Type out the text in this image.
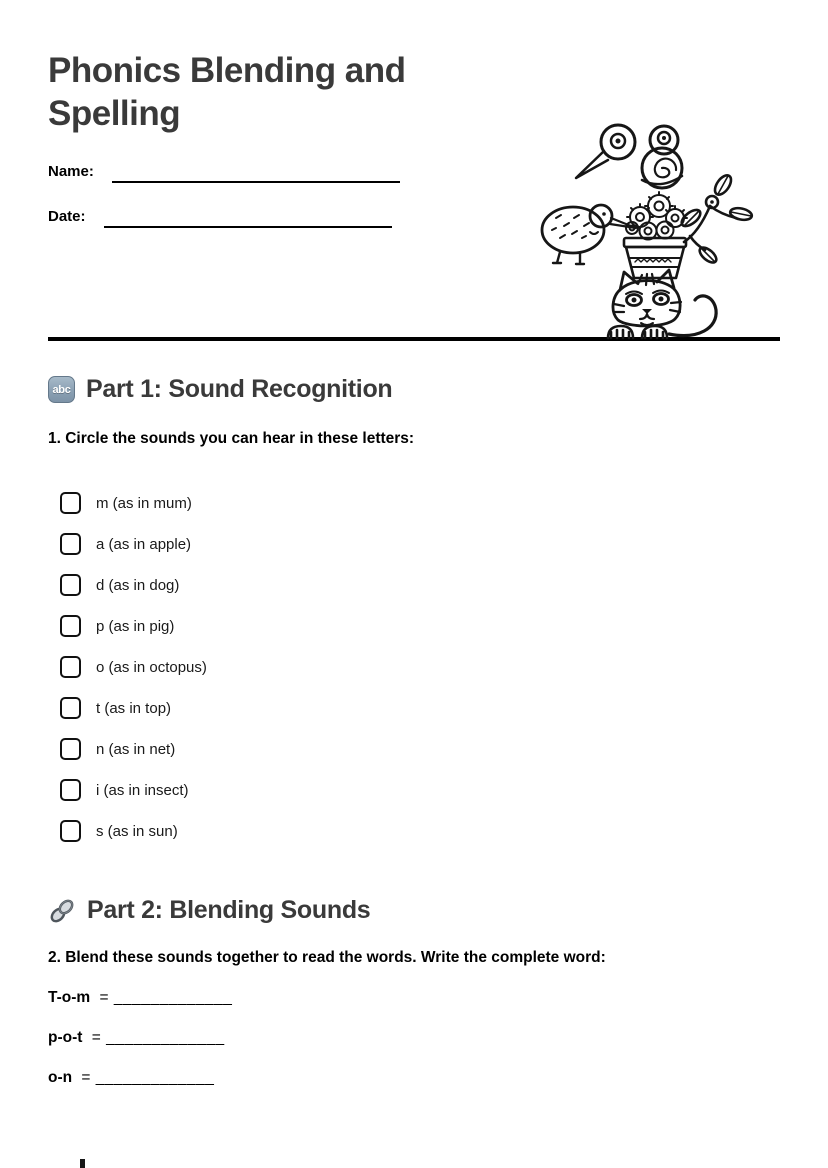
Phonics Blending and Spelling
Name:
Date:
abc Part 1: Sound Recognition

1. Circle the sounds you can hear in these letters:

m (as in mum)
a (as in apple)
d (as in dog)
p (as in pig)
o (as in octopus)
t (as in top)
n (as in net)
i (as in insect)
s (as in sun)
Part 2: Blending Sounds

2. Blend these sounds together to read the words. Write the complete word:

T-o-m = _____________
p-o-t = _____________
o-n = _____________
